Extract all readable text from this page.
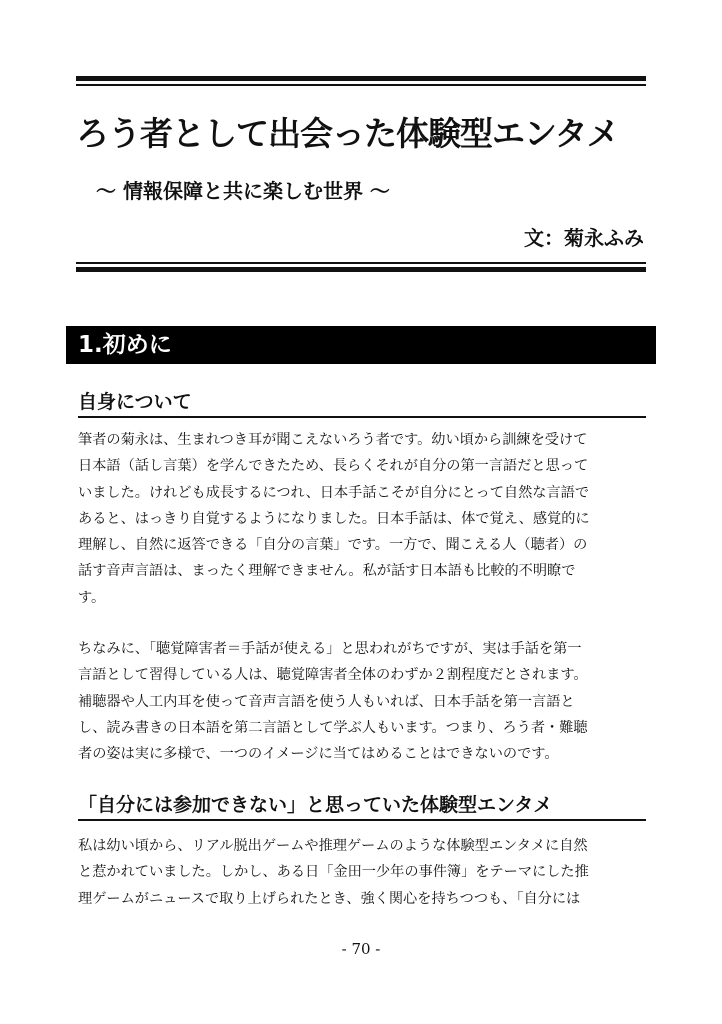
ろう者として出会った体験型エンタメ
～ 情報保障と共に楽しむ世界 ～
文：菊永ふみ
1.初めに
自身について
筆者の菊永は、生まれつき耳が聞こえないろう者です。幼い頃から訓練を受けて
日本語（話し言葉）を学んできたため、長らくそれが自分の第一言語だと思って
いました。けれども成長するにつれ、日本手話こそが自分にとって自然な言語で
あると、はっきり自覚するようになりました。日本手話は、体で覚え、感覚的に
理解し、自然に返答できる「自分の言葉」です。一方で、聞こえる人（聴者）の
話す音声言語は、まったく理解できません。私が話す日本語も比較的不明瞭で
す。
ちなみに、「聴覚障害者＝手話が使える」と思われがちですが、実は手話を第一
言語として習得している人は、聴覚障害者全体のわずか２割程度だとされます。
補聴器や人工内耳を使って音声言語を使う人もいれば、日本手話を第一言語と
し、読み書きの日本語を第二言語として学ぶ人もいます。つまり、ろう者・難聴
者の姿は実に多様で、一つのイメージに当てはめることはできないのです。
「自分には参加できない」と思っていた体験型エンタメ
私は幼い頃から、リアル脱出ゲームや推理ゲームのような体験型エンタメに自然
と惹かれていました。しかし、ある日「金田一少年の事件簿」をテーマにした推
理ゲームがニュースで取り上げられたとき、強く関心を持ちつつも、「自分には
- 70 -
